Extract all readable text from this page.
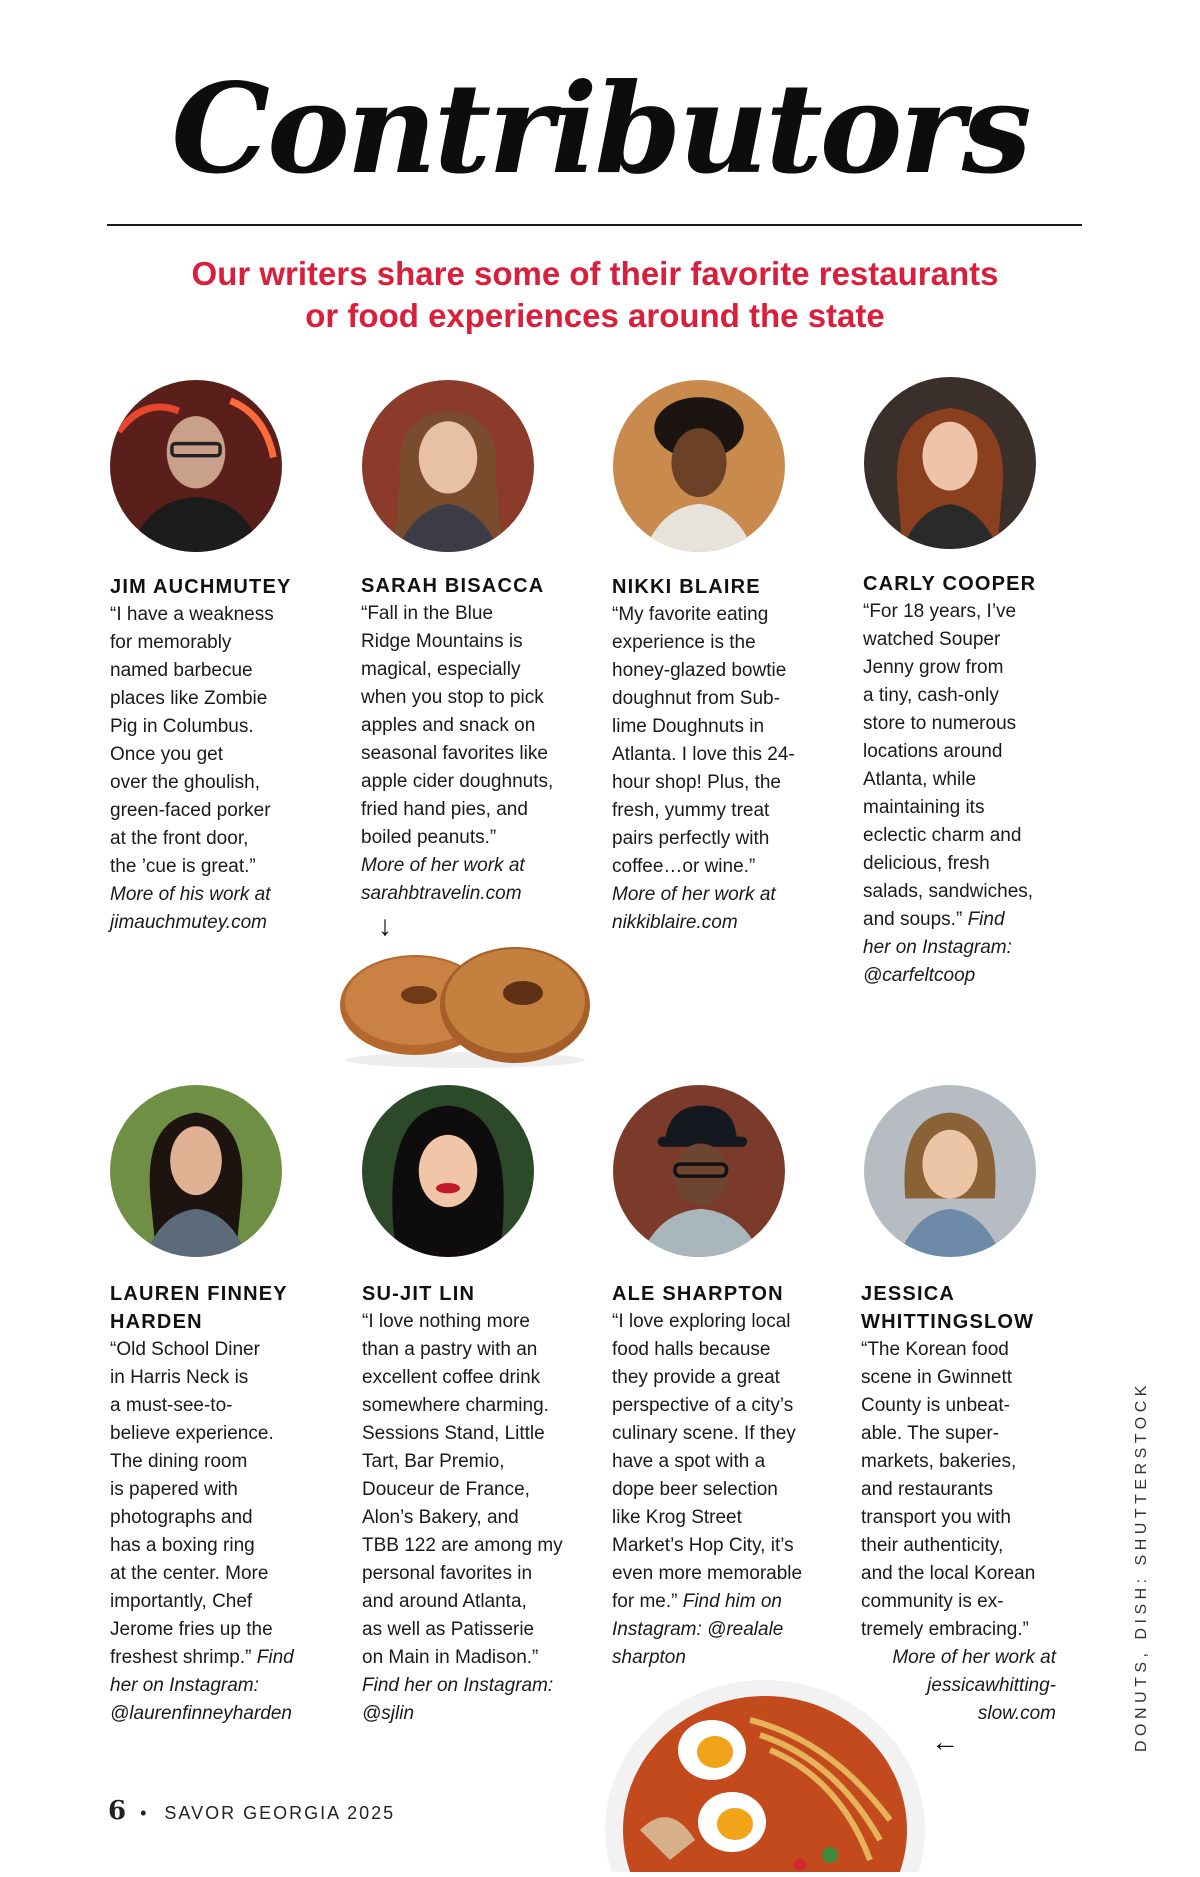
Contributors
Our writers share some of their favorite restaurants
or food experiences around the state
JIM AUCHMUTEY
“I have a weakness
for memorably
named barbecue
places like Zombie
Pig in Columbus.
Once you get
over the ghoulish,
green-faced porker
at the front door,
the ’cue is great.”
More of his work at
jimauchmutey.com
SARAH BISACCA
“Fall in the Blue
Ridge Mountains is
magical, especially
when you stop to pick
apples and snack on
seasonal favorites like
apple cider doughnuts,
fried hand pies, and
boiled peanuts.”
More of her work at
sarahbtravelin.com
NIKKI BLAIRE
“My favorite eating
experience is the
honey-glazed bowtie
doughnut from Sub-
lime Doughnuts in
Atlanta. I love this 24-
hour shop! Plus, the
fresh, yummy treat
pairs perfectly with
coffee…or wine.”
More of her work at
nikkiblaire.com
CARLY COOPER
“For 18 years, I’ve
watched Souper
Jenny grow from
a tiny, cash-only
store to numerous
locations around
Atlanta, while
maintaining its
eclectic charm and
delicious, fresh
salads, sandwiches,
and soups.” Find
her on Instagram:
@carfeltcoop
↓
LAUREN FINNEY
HARDEN
“Old School Diner
in Harris Neck is
a must-see-to-
believe experience.
The dining room
is papered with
photographs and
has a boxing ring
at the center. More
importantly, Chef
Jerome fries up the
freshest shrimp.” Find
her on Instagram:
@laurenfinneyharden
SU-JIT LIN
“I love nothing more
than a pastry with an
excellent coffee drink
somewhere charming.
Sessions Stand, Little
Tart, Bar Premio,
Douceur de France,
Alon’s Bakery, and
TBB 122 are among my
personal favorites in
and around Atlanta,
as well as Patisserie
on Main in Madison.”
Find her on Instagram:
@sjlin
ALE SHARPTON
“I love exploring local
food halls because
they provide a great
perspective of a city’s
culinary scene. If they
have a spot with a
dope beer selection
like Krog Street
Market’s Hop City, it’s
even more memorable
for me.” Find him on
Instagram: @realale
sharpton
JESSICA
WHITTINGSLOW
“The Korean food
scene in Gwinnett
County is unbeat-
able. The super-
markets, bakeries,
and restaurants
transport you with
their authenticity,
and the local Korean
community is ex-
tremely embracing.”
More of her work at
jessicawhitting-
slow.com
←	DONUTS, DISH: SHUTTERSTOCK
6 • SAVOR GEORGIA 2025
